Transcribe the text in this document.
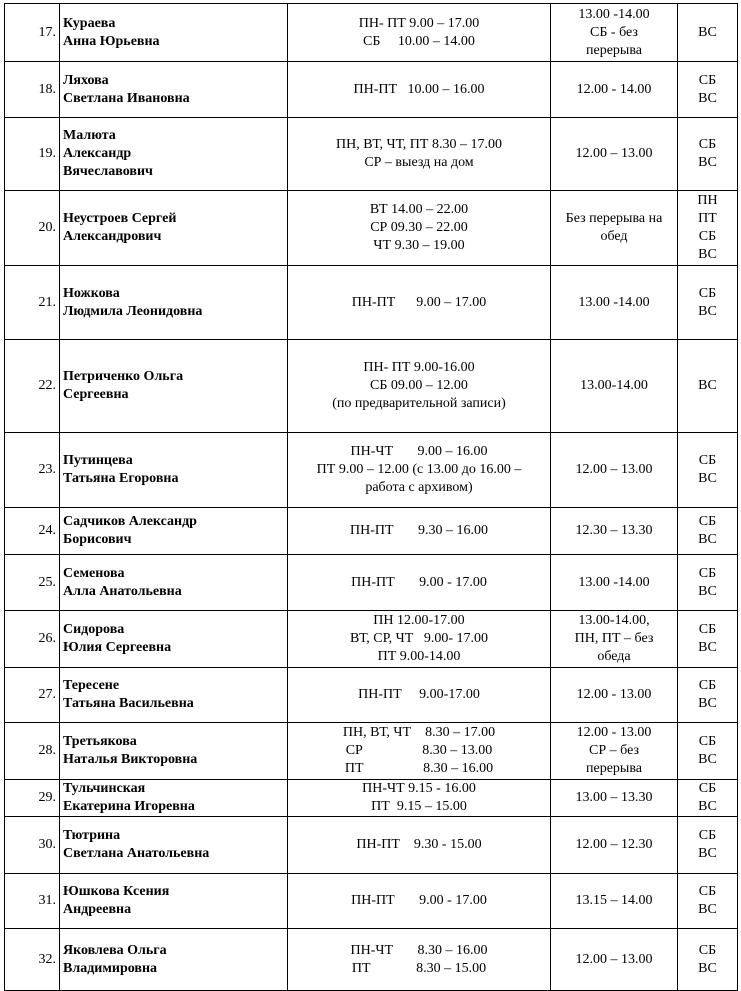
17.	Кураева
Анна Юрьевна	ПН- ПТ 9.00 – 17.00
СБ     10.00 – 14.00	13.00 -14.00
СБ - без
перерыва	ВС

18.	Ляхова
Светлана Ивановна	ПН-ПТ   10.00 – 16.00	12.00 - 14.00	СБ
ВС

19.	Малюта
Александр
Вячеславович	ПН, ВТ, ЧТ, ПТ 8.30 – 17.00
СР – выезд на дом	12.00 – 13.00	СБ
ВС

20.	Неустроев Сергей
Александрович	ВТ 14.00 – 22.00
СР 09.30 – 22.00
ЧТ 9.30 – 19.00	Без перерыва на
обед	ПН
ПТ
СБ
ВС

21.	Ножкова
Людмила Леонидовна	ПН-ПТ      9.00 – 17.00	13.00 -14.00	СБ
ВС

22.	Петриченко Ольга
Сергеевна	ПН- ПТ 9.00-16.00
СБ 09.00 – 12.00
(по предварительной записи)	13.00-14.00	ВС

23.	Путинцева
Татьяна Егоровна	ПН-ЧТ       9.00 – 16.00
ПТ 9.00 – 12.00 (с 13.00 до 16.00 –
работа с архивом)	12.00 – 13.00	СБ
ВС

24.	Садчиков Александр
Борисович	ПН-ПТ       9.30 – 16.00	12.30 – 13.30	СБ
ВС

25.	Семенова
Алла Анатольевна	ПН-ПТ       9.00 - 17.00	13.00 -14.00	СБ
ВС

26.	Сидорова
Юлия Сергеевна	ПН 12.00-17.00
ВТ, СР, ЧТ   9.00- 17.00
ПТ 9.00-14.00	13.00-14.00,
ПН, ПТ – без
обеда	СБ
ВС

27.	Тересене
Татьяна Васильевна	ПН-ПТ     9.00-17.00	12.00 - 13.00	СБ
ВС

28.	Третьякова
Наталья Викторовна	ПН, ВТ, ЧТ    8.30 – 17.00
СР                 8.30 – 13.00
ПТ                 8.30 – 16.00	12.00 - 13.00
СР – без
перерыва	СБ
ВС

29.	Тульчинская
Екатерина Игоревна	ПН-ЧТ 9.15 - 16.00
ПТ  9.15 – 15.00	13.00 – 13.30	СБ
ВС

30.	Тютрина
Светлана Анатольевна	ПН-ПТ    9.30 - 15.00	12.00 – 12.30	СБ
ВС

31.	Юшкова Ксения
Андреевна	ПН-ПТ       9.00 - 17.00	13.15 – 14.00	СБ
ВС

32.	Яковлева Ольга
Владимировна	ПН-ЧТ       8.30 – 16.00
ПТ             8.30 – 15.00	12.00 – 13.00	СБ
ВС
